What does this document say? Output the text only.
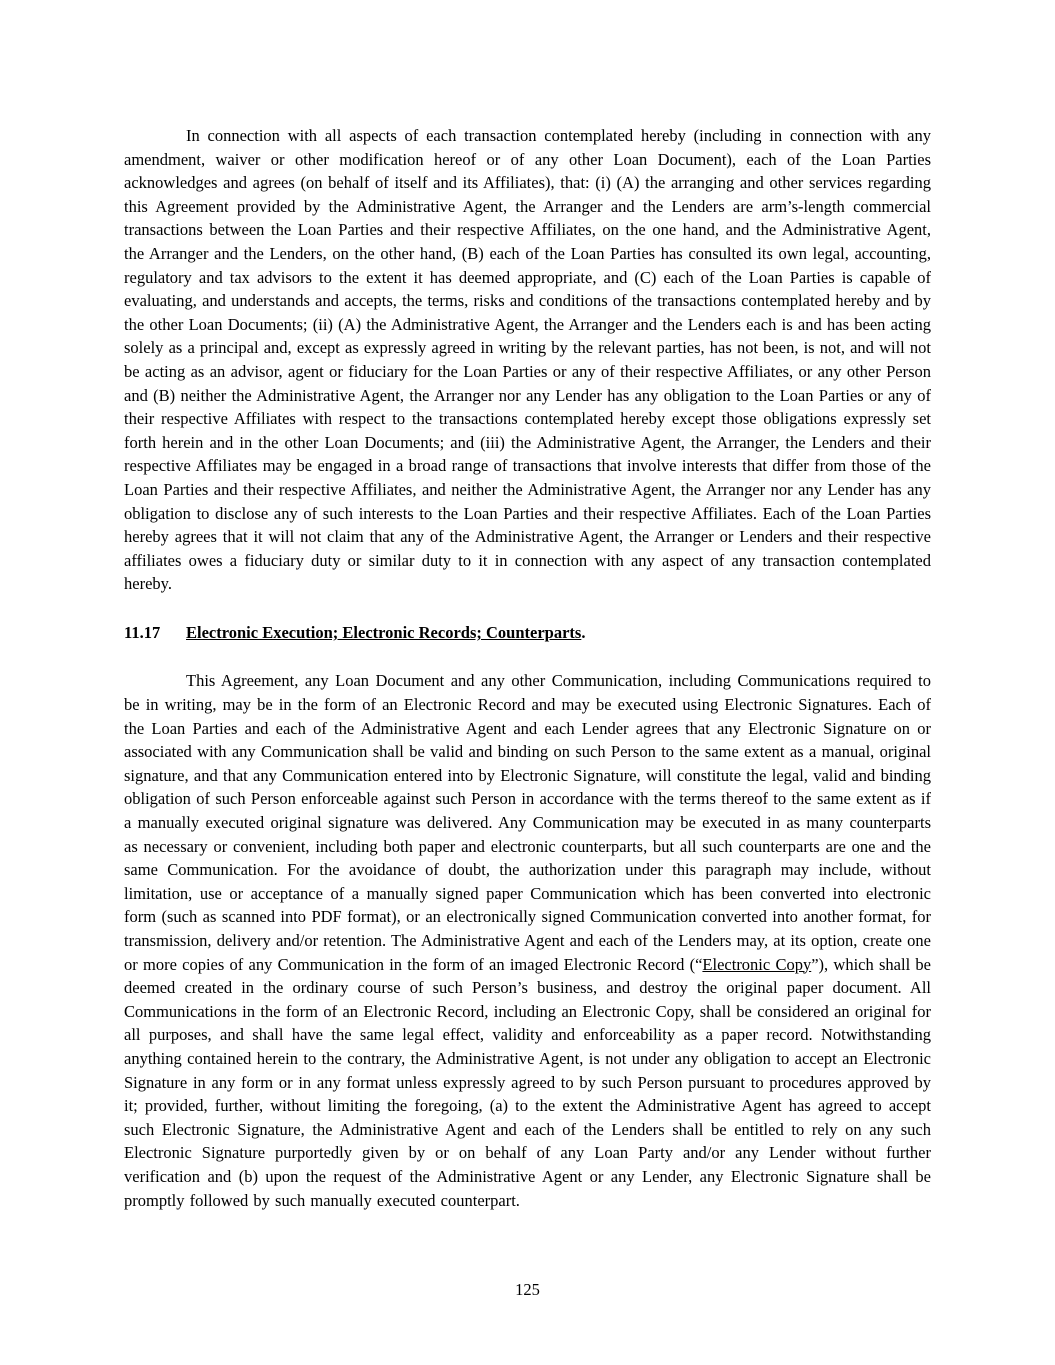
In connection with all aspects of each transaction contemplated hereby (including in connection with any amendment, waiver or other modification hereof or of any other Loan Document), each of the Loan Parties acknowledges and agrees (on behalf of itself and its Affiliates), that: (i) (A) the arranging and other services regarding this Agreement provided by the Administrative Agent, the Arranger and the Lenders are arm’s-length commercial transactions between the Loan Parties and their respective Affiliates, on the one hand, and the Administrative Agent, the Arranger and the Lenders, on the other hand, (B) each of the Loan Parties has consulted its own legal, accounting, regulatory and tax advisors to the extent it has deemed appropriate, and (C) each of the Loan Parties is capable of evaluating, and understands and accepts, the terms, risks and conditions of the transactions contemplated hereby and by the other Loan Documents; (ii) (A) the Administrative Agent, the Arranger and the Lenders each is and has been acting solely as a principal and, except as expressly agreed in writing by the relevant parties, has not been, is not, and will not be acting as an advisor, agent or fiduciary for the Loan Parties or any of their respective Affiliates, or any other Person and (B) neither the Administrative Agent, the Arranger nor any Lender has any obligation to the Loan Parties or any of their respective Affiliates with respect to the transactions contemplated hereby except those obligations expressly set forth herein and in the other Loan Documents; and (iii) the Administrative Agent, the Arranger, the Lenders and their respective Affiliates may be engaged in a broad range of transactions that involve interests that differ from those of the Loan Parties and their respective Affiliates, and neither the Administrative Agent, the Arranger nor any Lender has any obligation to disclose any of such interests to the Loan Parties and their respective Affiliates. Each of the Loan Parties hereby agrees that it will not claim that any of the Administrative Agent, the Arranger or Lenders and their respective affiliates owes a fiduciary duty or similar duty to it in connection with any aspect of any transaction contemplated hereby.

11.17 Electronic Execution; Electronic Records; Counterparts.

This Agreement, any Loan Document and any other Communication, including Communications required to be in writing, may be in the form of an Electronic Record and may be executed using Electronic Signatures. Each of the Loan Parties and each of the Administrative Agent and each Lender agrees that any Electronic Signature on or associated with any Communication shall be valid and binding on such Person to the same extent as a manual, original signature, and that any Communication entered into by Electronic Signature, will constitute the legal, valid and binding obligation of such Person enforceable against such Person in accordance with the terms thereof to the same extent as if a manually executed original signature was delivered. Any Communication may be executed in as many counterparts as necessary or convenient, including both paper and electronic counterparts, but all such counterparts are one and the same Communication. For the avoidance of doubt, the authorization under this paragraph may include, without limitation, use or acceptance of a manually signed paper Communication which has been converted into electronic form (such as scanned into PDF format), or an electronically signed Communication converted into another format, for transmission, delivery and/or retention. The Administrative Agent and each of the Lenders may, at its option, create one or more copies of any Communication in the form of an imaged Electronic Record (“Electronic Copy”), which shall be deemed created in the ordinary course of such Person’s business, and destroy the original paper document. All Communications in the form of an Electronic Record, including an Electronic Copy, shall be considered an original for all purposes, and shall have the same legal effect, validity and enforceability as a paper record. Notwithstanding anything contained herein to the contrary, the Administrative Agent, is not under any obligation to accept an Electronic Signature in any form or in any format unless expressly agreed to by such Person pursuant to procedures approved by it; provided, further, without limiting the foregoing, (a) to the extent the Administrative Agent has agreed to accept such Electronic Signature, the Administrative Agent and each of the Lenders shall be entitled to rely on any such Electronic Signature purportedly given by or on behalf of any Loan Party and/or any Lender without further verification and (b) upon the request of the Administrative Agent or any Lender, any Electronic Signature shall be promptly followed by such manually executed counterpart.

125
